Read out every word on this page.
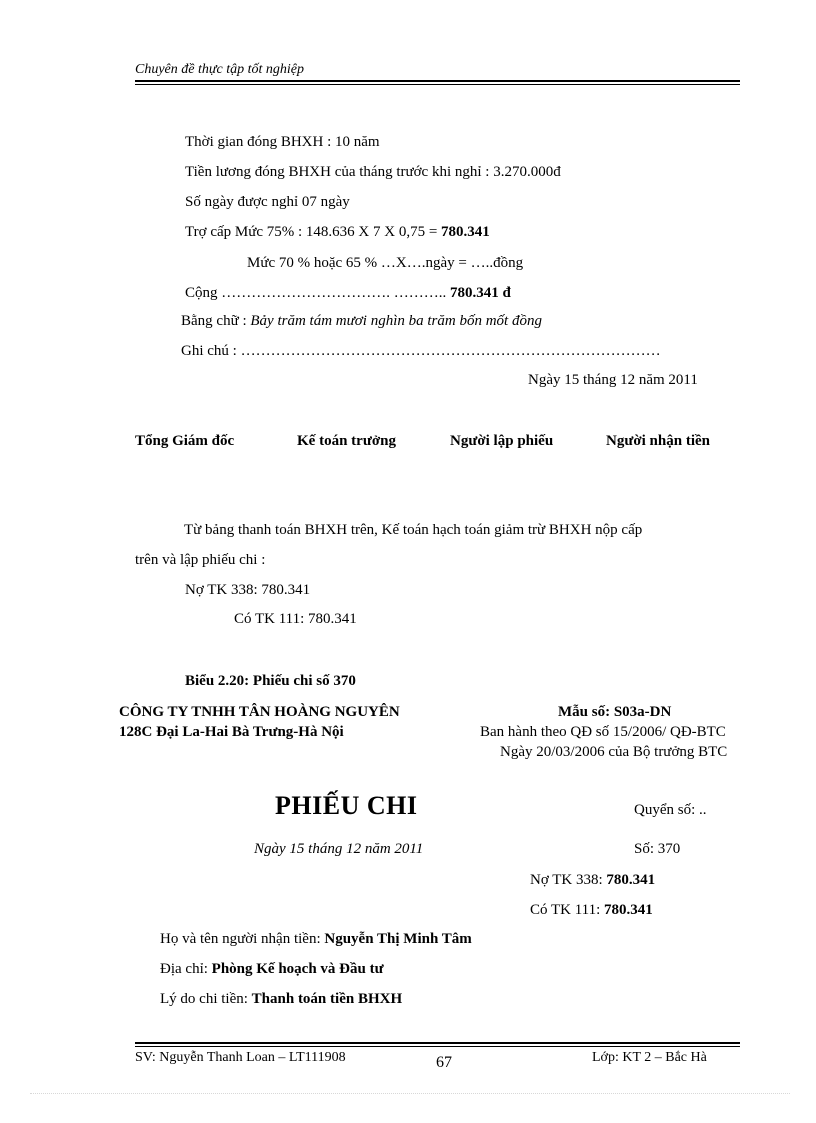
Chuyên đề thực tập tốt nghiệp
Thời gian đóng BHXH : 10 năm
Tiền lương đóng BHXH của tháng trước khi nghỉ : 3.270.000đ
Số ngày được nghỉ 07 ngày
Trợ cấp Mức 75% : 148.636 X 7 X 0,75 = 780.341
Mức 70 % hoặc 65 % …X….ngày = …..đồng
Cộng ……………………………. ……….. 780.341 đ
Bằng chữ : Bảy trăm tám mươi nghìn ba trăm bốn mốt đồng
Ghi chú : …………………………………………………………………………
Ngày 15 tháng 12 năm 2011
Tổng Giám đốc	Kế toán trưởng	Người lập phiếu	Người nhận tiền
Từ bảng thanh toán BHXH trên, Kế toán hạch toán giảm trừ BHXH nộp cấp
trên và lập phiếu chi :
Nợ TK 338: 780.341
Có TK 111: 780.341
Biểu 2.20: Phiếu chi số 370
CÔNG TY TNHH TÂN HOÀNG NGUYÊN
128C Đại La-Hai Bà Trưng-Hà Nội
Mẫu số: S03a-DN
Ban hành theo QĐ số 15/2006/ QĐ-BTC
Ngày 20/03/2006 của Bộ trưởng BTC
PHIẾU CHI	Quyển số: ..
Ngày 15 tháng 12 năm 2011	Số: 370
Nợ TK 338: 780.341
Có TK 111: 780.341
Họ và tên người nhận tiền: Nguyễn Thị Minh Tâm
Địa chỉ: Phòng Kế hoạch và Đầu tư
Lý do chi tiền: Thanh toán tiền BHXH
SV: Nguyễn Thanh Loan – LT111908	67	Lớp: KT 2 – Bắc Hà
